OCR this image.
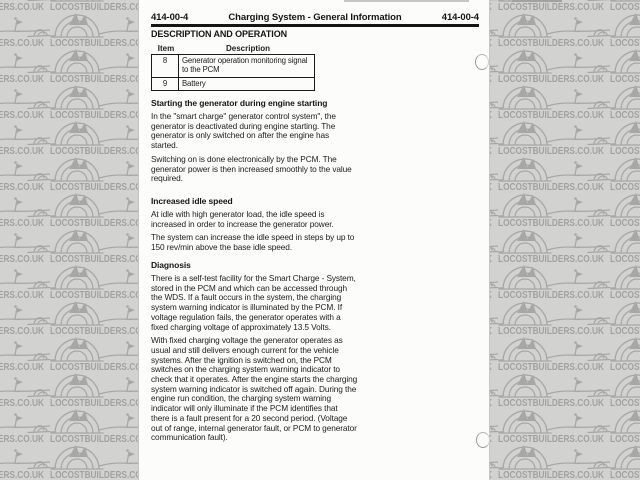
414-00-4	Charging System - General Information	414-00-4
DESCRIPTION AND OPERATION
Item	Description
8	Generator operation monitoring signal to the PCM
9	Battery
Starting the generator during engine starting

In the "smart charge" generator control system", the generator is deactivated during engine starting. The generator is only switched on after the engine has started.

Switching on is done electronically by the PCM. The generator power is then increased smoothly to the value required.

Increased idle speed

At idle with high generator load, the idle speed is increased in order to increase the generator power.

The system can increase the idle speed in steps by up to 150 rev/min above the base idle speed.

Diagnosis

There is a self-test facility for the Smart Charge - System, stored in the PCM and which can be accessed through the WDS. If a fault occurs in the system, the charging system warning indicator is illuminated by the PCM. If voltage regulation fails, the generator operates with a fixed charging voltage of approximately 13.5 Volts.

With fixed charging voltage the generator operates as usual and still delivers enough current for the vehicle systems. After the ignition is switched on, the PCM switches on the charging system warning indicator to check that it operates. After the engine starts the charging system warning indicator is switched off again. During the engine run condition, the charging system warning indicator will only illuminate if the PCM identifies that there is a fault present for a 20 second period. (Voltage out of range, internal generator fault, or PCM to generator communication fault).
